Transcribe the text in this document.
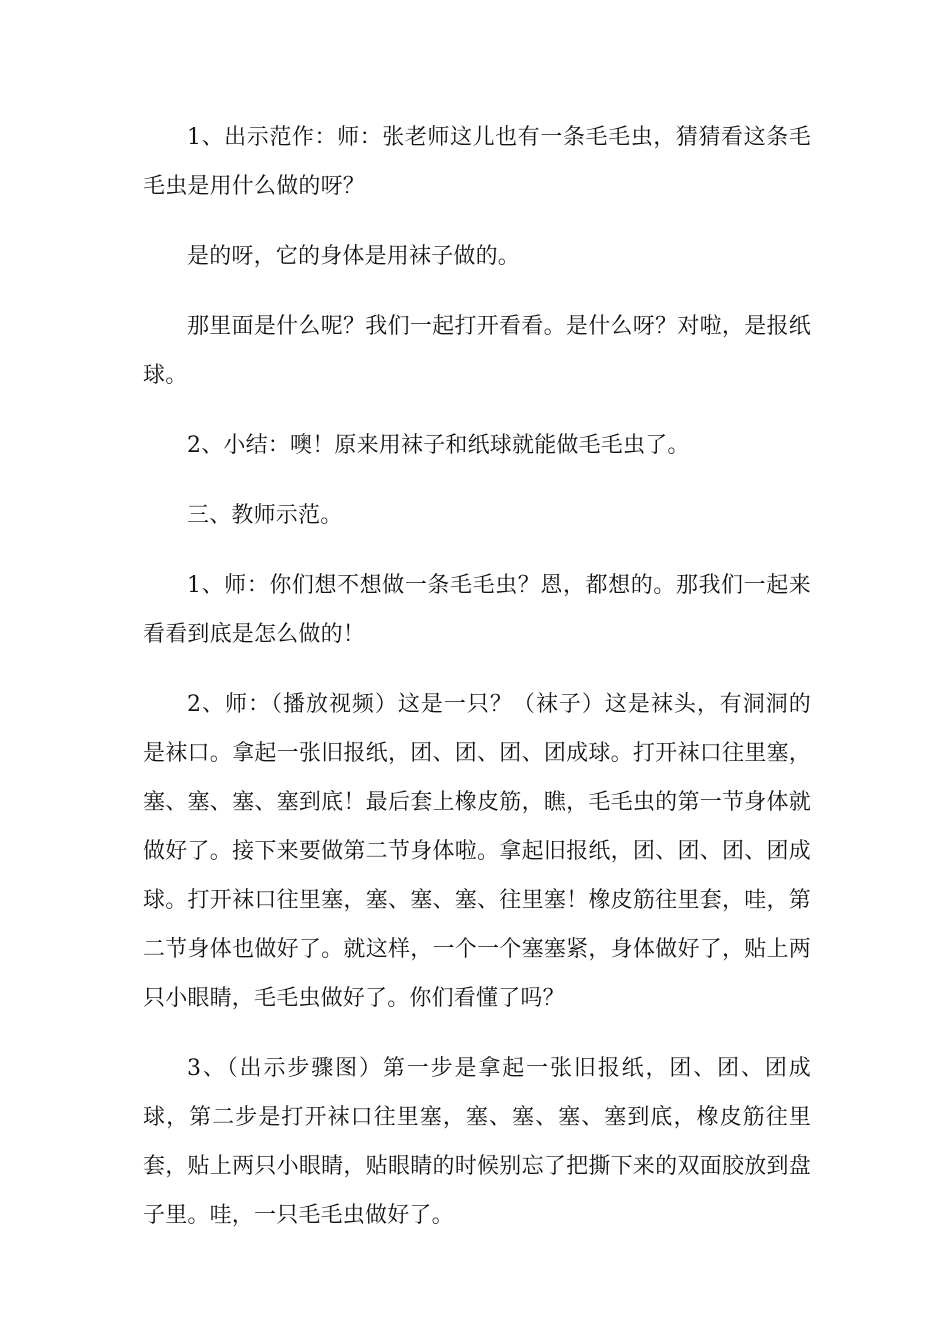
1、出示范作：师：张老师这儿也有一条毛毛虫，猜猜看这条毛毛虫是用什么做的呀？

是的呀，它的身体是用袜子做的。

那里面是什么呢？我们一起打开看看。是什么呀？对啦，是报纸球。

2、小结：噢！原来用袜子和纸球就能做毛毛虫了。

三、教师示范。

1、师：你们想不想做一条毛毛虫？恩，都想的。那我们一起来看看到底是怎么做的！

2、师：（播放视频）这是一只？（袜子）这是袜头，有洞洞的是袜口。拿起一张旧报纸，团、团、团、团成球。打开袜口往里塞，塞、塞、塞、塞到底！最后套上橡皮筋，瞧，毛毛虫的第一节身体就做好了。接下来要做第二节身体啦。拿起旧报纸，团、团、团、团成球。打开袜口往里塞，塞、塞、塞、往里塞！橡皮筋往里套，哇，第二节身体也做好了。就这样，一个一个塞塞紧，身体做好了，贴上两只小眼睛，毛毛虫做好了。你们看懂了吗？

3、（出示步骤图）第一步是拿起一张旧报纸，团、团、团成球，第二步是打开袜口往里塞，塞、塞、塞、塞到底，橡皮筋往里套，贴上两只小眼睛，贴眼睛的时候别忘了把撕下来的双面胶放到盘子里。哇，一只毛毛虫做好了。
